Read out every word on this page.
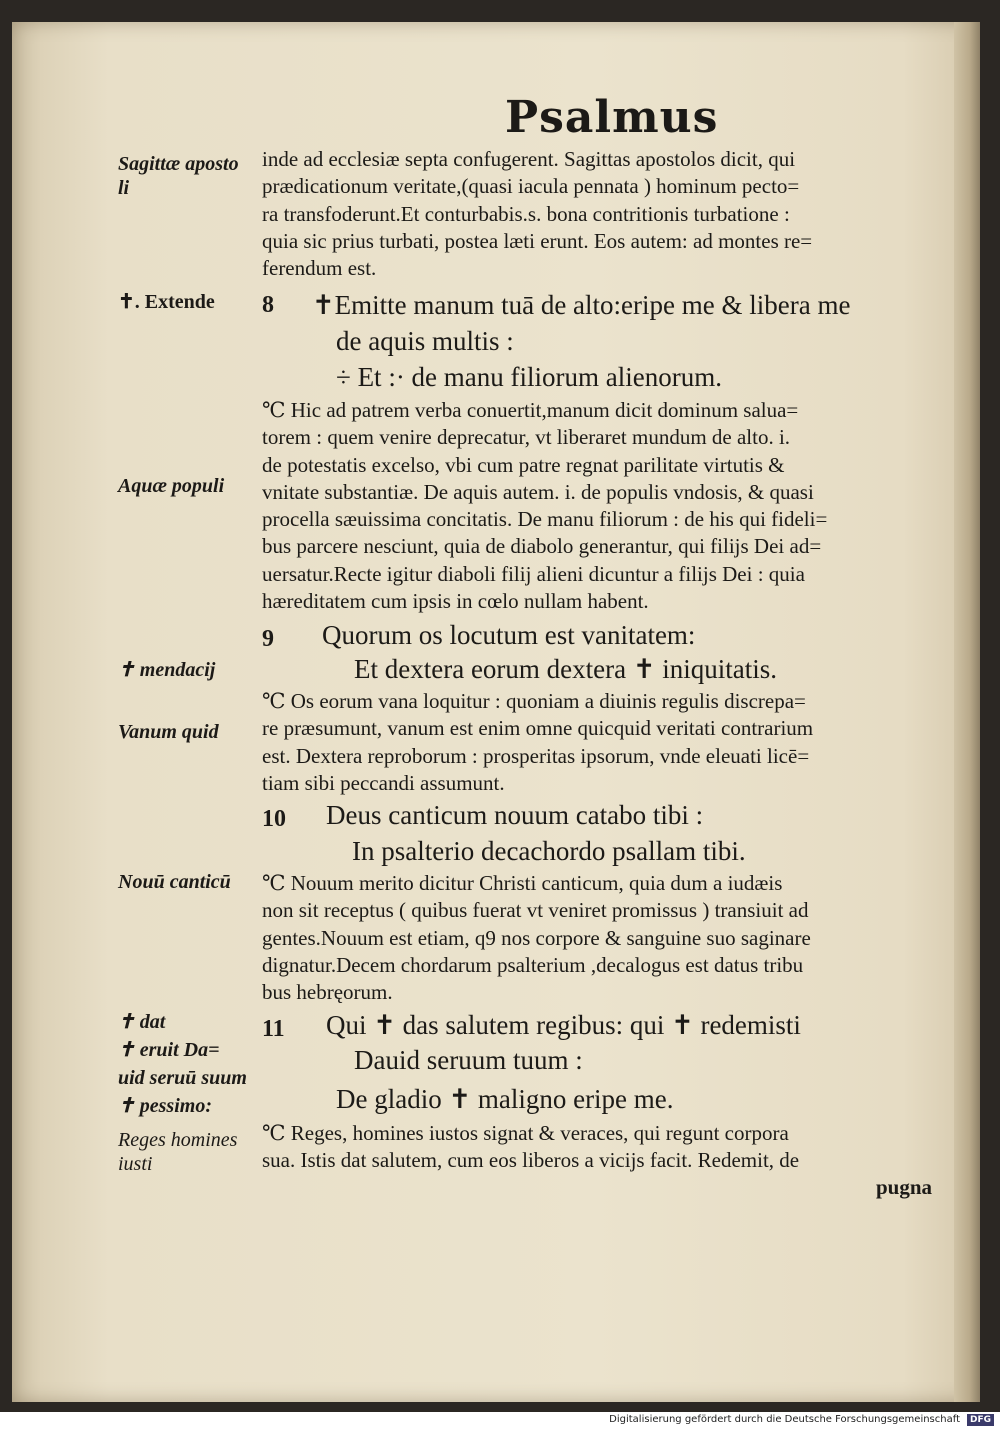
Psalmus
Sagittæ aposto
li
✝. Extende
Aquæ populi
✝ mendacij
Vanum quid
Nouū canticū
✝ dat
✝ eruit Da=
uid seruū suum
✝ pessimo:
Reges homines
iusti
inde ad ecclesiæ septa confugerent. Sagittas apostolos dicit, qui
prædicationum veritate,(quasi iacula pennata ) hominum pecto=
ra transfoderunt.Et conturbabis.s. bona contritionis turbatione :
quia sic prius turbati, postea læti erunt. Eos autem: ad montes re=
ferendum est.
8 ✝Emitte manum tuā de alto:eripe me & libera me
de aquis multis :
÷ Et :· de manu filiorum alienorum.
℃ Hic ad patrem verba conuertit,manum dicit dominum salua=
torem : quem venire deprecatur, vt liberaret mundum de alto. i.
de potestatis excelso, vbi cum patre regnat parilitate virtutis &
vnitate substantiæ. De aquis autem. i. de populis vndosis, & quasi
procella sæuissima concitatis. De manu filiorum : de his qui fideli=
bus parcere nesciunt, quia de diabolo generantur, qui filijs Dei ad=
uersatur.Recte igitur diaboli filij alieni dicuntur a filijs Dei : quia
hæreditatem cum ipsis in cœlo nullam habent.
9 Quorum os locutum est vanitatem:
Et dextera eorum dextera ✝ iniquitatis.
℃ Os eorum vana loquitur : quoniam a diuinis regulis discrepa=
re præsumunt, vanum est enim omne quicquid veritati contrarium
est. Dextera reproborum : prosperitas ipsorum, vnde eleuati licē=
tiam sibi peccandi assumunt.
10 Deus canticum nouum catabo tibi :
In psalterio decachordo psallam tibi.
℃ Nouum merito dicitur Christi canticum, quia dum a iudæis
non sit receptus ( quibus fuerat vt veniret promissus ) transiuit ad
gentes.Nouum est etiam, q9 nos corpore & sanguine suo saginare
dignatur.Decem chordarum psalterium ,decalogus est datus tribu
bus hebręorum.
11 Qui ✝ das salutem regibus: qui ✝ redemisti
Dauid seruum tuum :
De gladio ✝ maligno eripe me.
℃ Reges, homines iustos signat & veraces, qui regunt corpora
sua. Istis dat salutem, cum eos liberos a vicijs facit. Redemit, de
pugna
Digitalisierung gefördert durch die Deutsche Forschungsgemeinschaft	DFG
